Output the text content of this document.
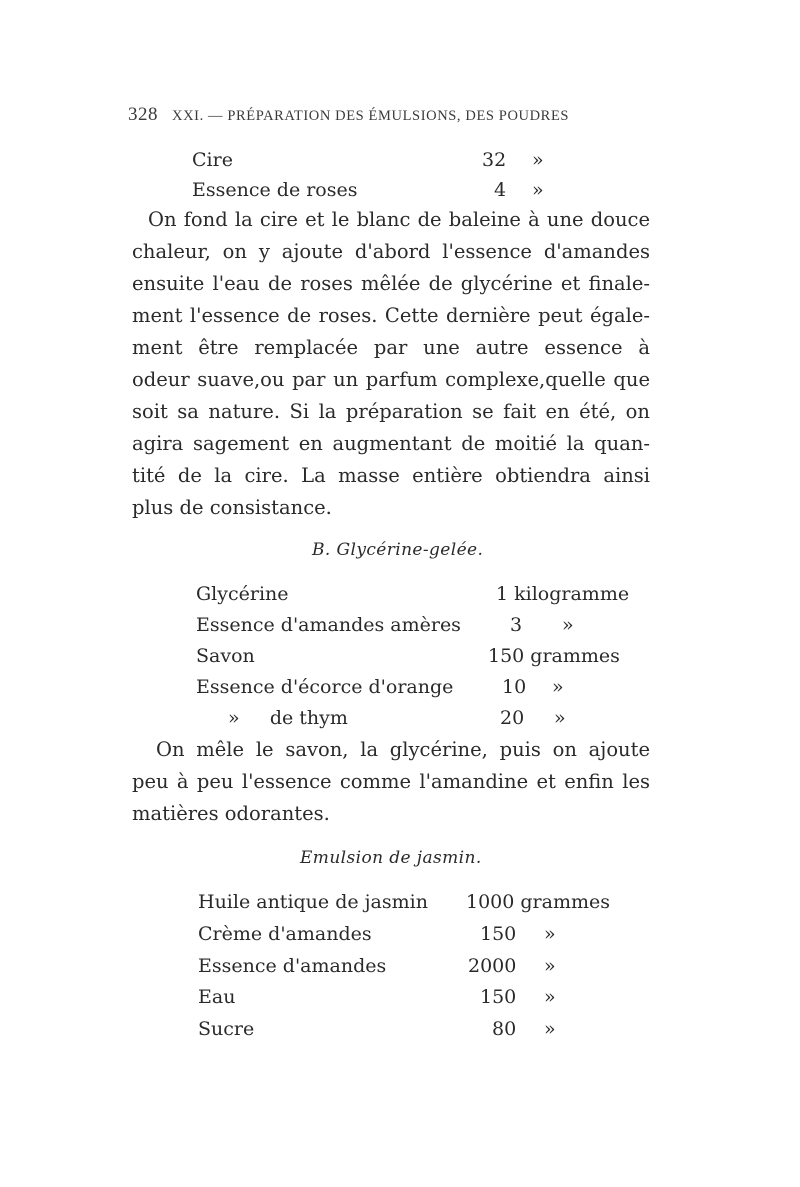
328 XXI. — PRÉPARATION DES ÉMULSIONS, DES POUDRES
Cire	32 »
Essence de roses	4 »
On fond la cire et le blanc de baleine à une douce
chaleur, on y ajoute d'abord l'essence d'amandes
ensuite l'eau de roses mêlée de glycérine et finale-
ment l'essence de roses. Cette dernière peut égale-
ment être remplacée par une autre essence à
odeur suave,ou par un parfum complexe,quelle que
soit sa nature. Si la préparation se fait en été, on
agira sagement en augmentant de moitié la quan-
tité de la cire. La masse entière obtiendra ainsi
plus de consistance.
B. Glycérine-gelée.
Glycérine	1 kilogramme
Essence d'amandes amères	3 »
Savon	150 grammes
Essence d'écorce d'orange	10 »
»     de thym	20 »
On mêle le savon, la glycérine, puis on ajoute
peu à peu l'essence comme l'amandine et enfin les
matières odorantes.
Emulsion de jasmin.
Huile antique de jasmin 1000 grammes
Crème d'amandes	150 »
Essence d'amandes	2000 »
Eau	150 »
Sucre	80 »
